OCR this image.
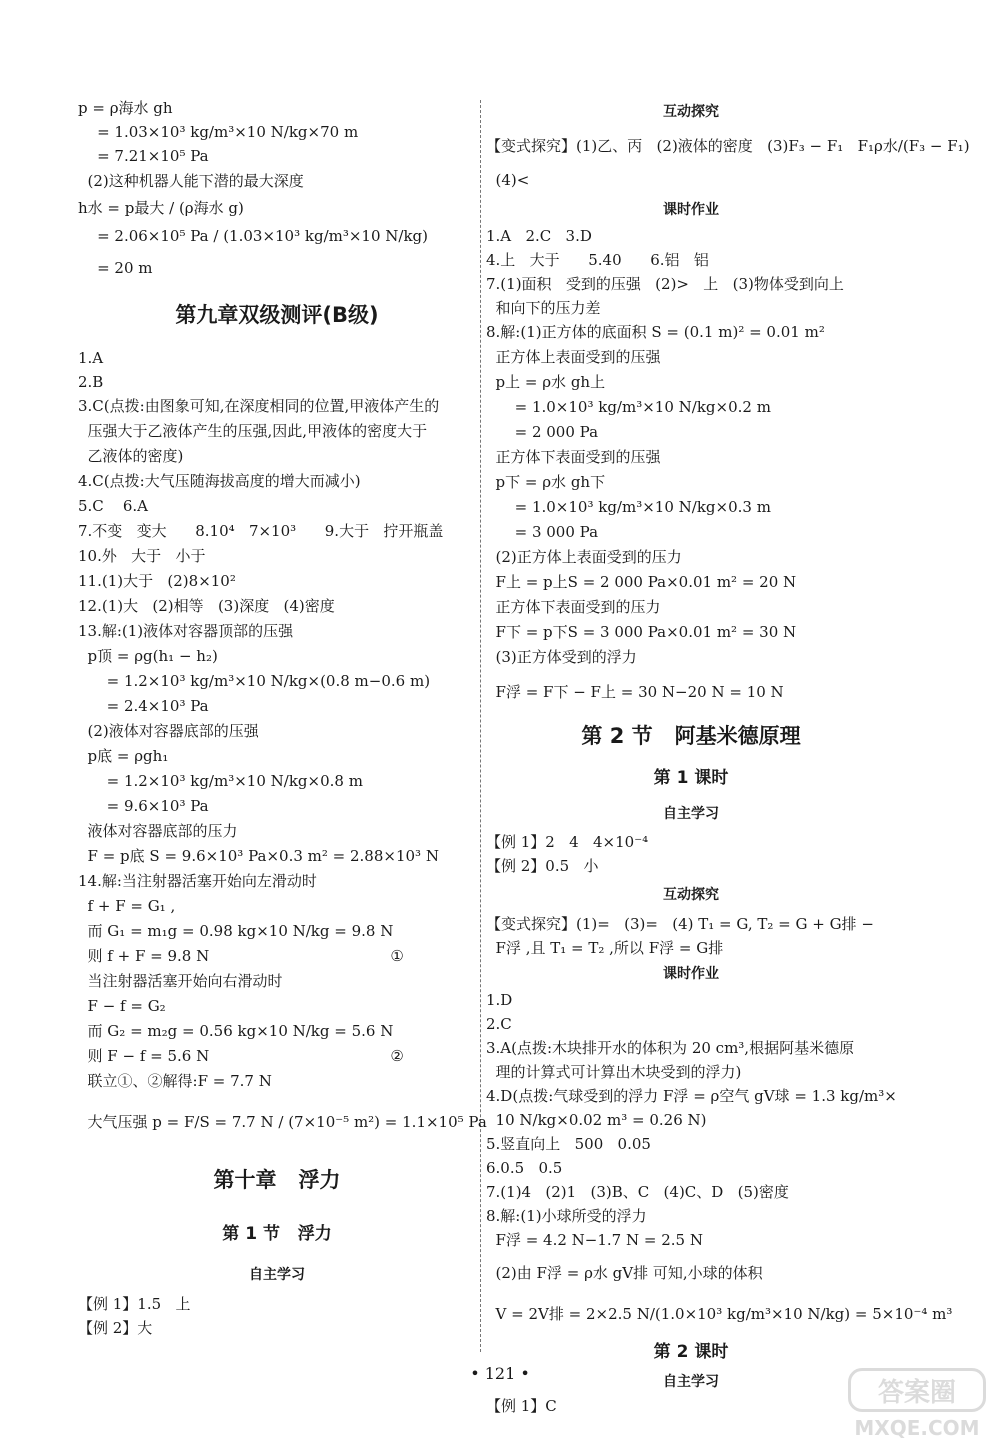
p = ρ海水 gh
= 1.03×10³ kg/m³×10 N/kg×70 m
= 7.21×10⁵ Pa
(2)这种机器人能下潜的最大深度
h水 = p最大 / (ρ海水 g)
= 2.06×10⁵ Pa / (1.03×10³ kg/m³×10 N/kg)
= 20 m
第九章双级测评(B级)
1.A
2.B
3.C(点拨:由图象可知,在深度相同的位置,甲液体产生的
压强大于乙液体产生的压强,因此,甲液体的密度大于
乙液体的密度)
4.C(点拨:大气压随海拔高度的增大而减小)
5.C    6.A
7.不变   变大      8.10⁴   7×10³      9.大于   拧开瓶盖
10.外   大于   小于
11.(1)大于   (2)8×10²
12.(1)大   (2)相等   (3)深度   (4)密度
13.解:(1)液体对容器顶部的压强
p顶 = ρg(h₁ − h₂)
= 1.2×10³ kg/m³×10 N/kg×(0.8 m−0.6 m)
= 2.4×10³ Pa
(2)液体对容器底部的压强
p底 = ρgh₁
= 1.2×10³ kg/m³×10 N/kg×0.8 m
= 9.6×10³ Pa
液体对容器底部的压力
F = p底 S = 9.6×10³ Pa×0.3 m² = 2.88×10³ N
14.解:当注射器活塞开始向左滑动时
f + F = G₁ ,
而 G₁ = m₁g = 0.98 kg×10 N/kg = 9.8 N
则 f + F = 9.8 N                                      ①
当注射器活塞开始向右滑动时
F − f = G₂
而 G₂ = m₂g = 0.56 kg×10 N/kg = 5.6 N
则 F − f = 5.6 N                                      ②
联立①、②解得:F = 7.7 N
大气压强 p = F/S = 7.7 N / (7×10⁻⁵ m²) = 1.1×10⁵ Pa
第十章   浮力
第 1 节   浮力
自主学习
【例 1】1.5   上
【例 2】大
互动探究
【变式探究】(1)乙、丙   (2)液体的密度   (3)F₃ − F₁   F₁ρ水/(F₃ − F₁)
(4)<
课时作业
1.A   2.C   3.D
4.上   大于      5.40      6.铝   铝
7.(1)面积   受到的压强   (2)>   上   (3)物体受到向上
和向下的压力差
8.解:(1)正方体的底面积 S = (0.1 m)² = 0.01 m²
正方体上表面受到的压强
p上 = ρ水 gh上
= 1.0×10³ kg/m³×10 N/kg×0.2 m
= 2 000 Pa
正方体下表面受到的压强
p下 = ρ水 gh下
= 1.0×10³ kg/m³×10 N/kg×0.3 m
= 3 000 Pa
(2)正方体上表面受到的压力
F上 = p上S = 2 000 Pa×0.01 m² = 20 N
正方体下表面受到的压力
F下 = p下S = 3 000 Pa×0.01 m² = 30 N
(3)正方体受到的浮力
F浮 = F下 − F上 = 30 N−20 N = 10 N
第 2 节   阿基米德原理
第 1 课时
自主学习
【例 1】2   4   4×10⁻⁴
【例 2】0.5   小
互动探究
【变式探究】(1)=   (3)=   (4) T₁ = G, T₂ = G + G排 −
F浮 ,且 T₁ = T₂ ,所以 F浮 = G排
课时作业
1.D
2.C
3.A(点拨:木块排开水的体积为 20 cm³,根据阿基米德原
理的计算式可计算出木块受到的浮力)
4.D(点拨:气球受到的浮力 F浮 = ρ空气 gV球 = 1.3 kg/m³×
10 N/kg×0.02 m³ = 0.26 N)
5.竖直向上   500   0.05
6.0.5   0.5
7.(1)4   (2)1   (3)B、C   (4)C、D   (5)密度
8.解:(1)小球所受的浮力
F浮 = 4.2 N−1.7 N = 2.5 N
(2)由 F浮 = ρ水 gV排 可知,小球的体积
V = 2V排 = 2×2.5 N/(1.0×10³ kg/m³×10 N/kg) = 5×10⁻⁴ m³
第 2 课时
自主学习
【例 1】C
• 121 •
答案圈
MXQE.COM
